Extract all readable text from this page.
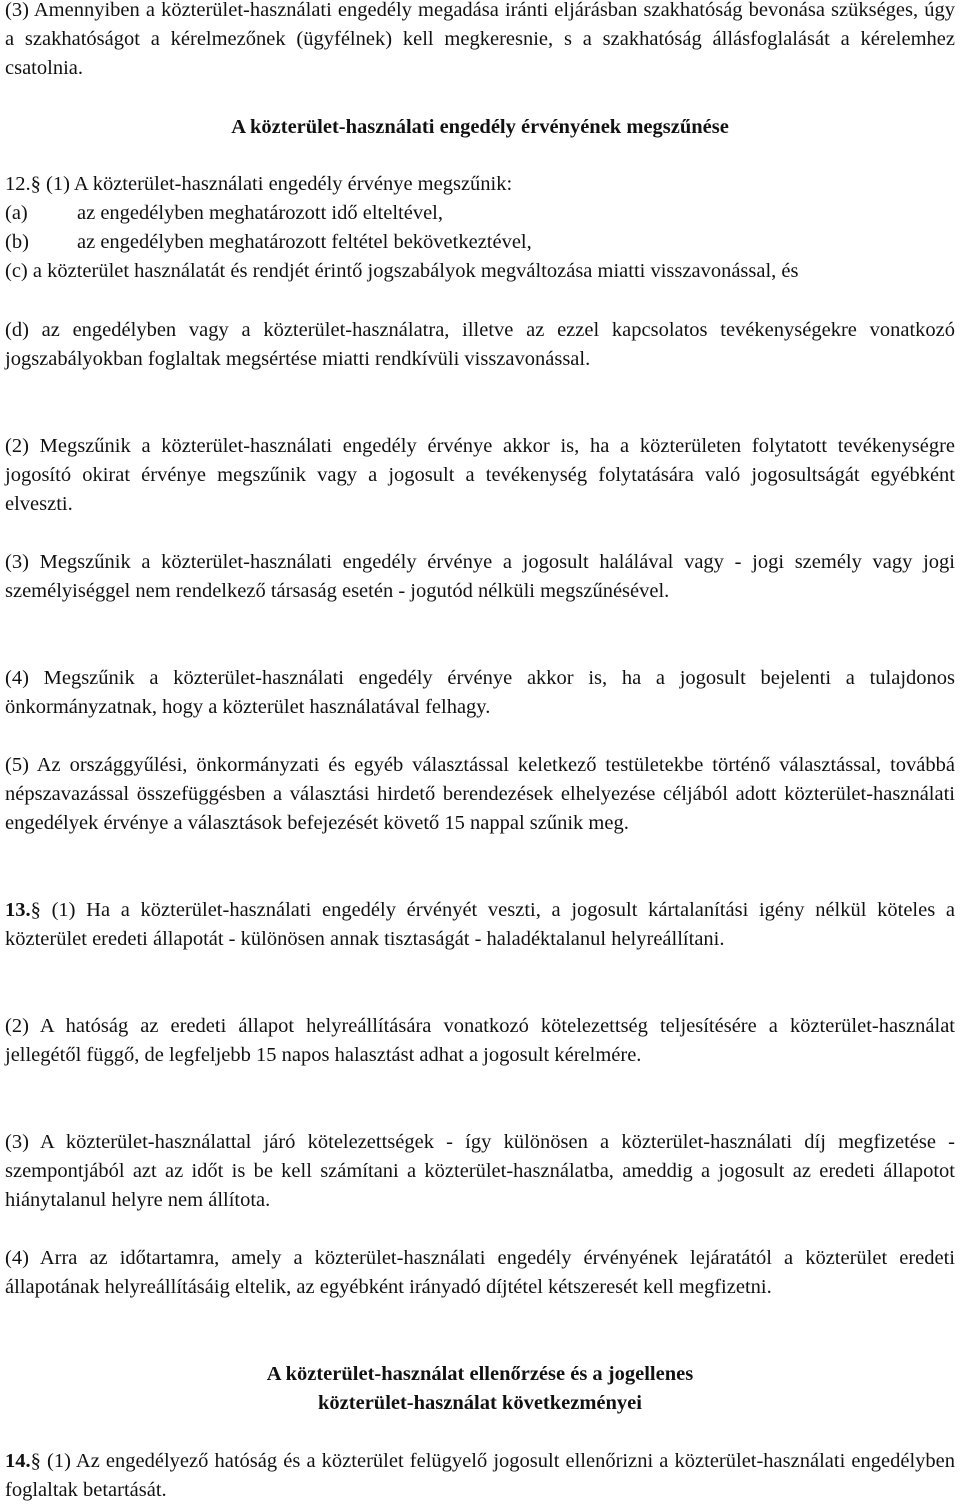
(3) Amennyiben a közterület-használati engedély megadása iránti eljárásban szakhatóság bevonása szükséges, úgy a szakhatóságot a kérelmezőnek (ügyfélnek) kell megkeresnie, s a szakhatóság állásfoglalását a kérelemhez csatolnia.

A közterület-használati engedély érvényének megszűnése

12.§ (1) A közterület-használati engedély érvénye megszűnik:

(a) az engedélyben meghatározott idő elteltével,

(b) az engedélyben meghatározott feltétel bekövetkeztével,

(c) a közterület használatát és rendjét érintő jogszabályok megváltozása miatti visszavonással, és

(d) az engedélyben vagy a közterület-használatra, illetve az ezzel kapcsolatos tevékenységekre vonatkozó jogszabályokban foglaltak megsértése miatti rendkívüli visszavonással.

(2) Megszűnik a közterület-használati engedély érvénye akkor is, ha a közterületen folytatott tevékenységre jogosító okirat érvénye megszűnik vagy a jogosult a tevékenység folytatására való jogosultságát egyébként elveszti.

(3) Megszűnik a közterület-használati engedély érvénye a jogosult halálával vagy - jogi személy vagy jogi személyiséggel nem rendelkező társaság esetén - jogutód nélküli megszűnésével.

(4) Megszűnik a közterület-használati engedély érvénye akkor is, ha a jogosult bejelenti a tulajdonos önkormányzatnak, hogy a közterület használatával felhagy.

(5) Az országgyűlési, önkormányzati és egyéb választással keletkező testületekbe történő választással, továbbá népszavazással összefüggésben a választási hirdető berendezések elhelyezése céljából adott közterület-használati engedélyek érvénye a választások befejezését követő 15 nappal szűnik meg.

13.§ (1) Ha a közterület-használati engedély érvényét veszti, a jogosult kártalanítási igény nélkül köteles a közterület eredeti állapotát - különösen annak tisztaságát - haladéktalanul helyreállítani.

(2) A hatóság az eredeti állapot helyreállítására vonatkozó kötelezettség teljesítésére a közterület-használat jellegétől függő, de legfeljebb 15 napos halasztást adhat a jogosult kérelmére.

(3) A közterület-használattal járó kötelezettségek - így különösen a közterület-használati díj megfizetése - szempontjából azt az időt is be kell számítani a közterület-használatba, ameddig a jogosult az eredeti állapotot hiánytalanul helyre nem állítota.

(4) Arra az időtartamra, amely a közterület-használati engedély érvényének lejáratától a közterület eredeti állapotának helyreállításáig eltelik, az egyébként irányadó díjtétel kétszeresét kell megfizetni.

A közterület-használat ellenőrzése és a jogellenes

közterület-használat következményei

14.§ (1) Az engedélyező hatóság és a közterület felügyelő jogosult ellenőrizni a közterület-használati engedélyben foglaltak betartását.
